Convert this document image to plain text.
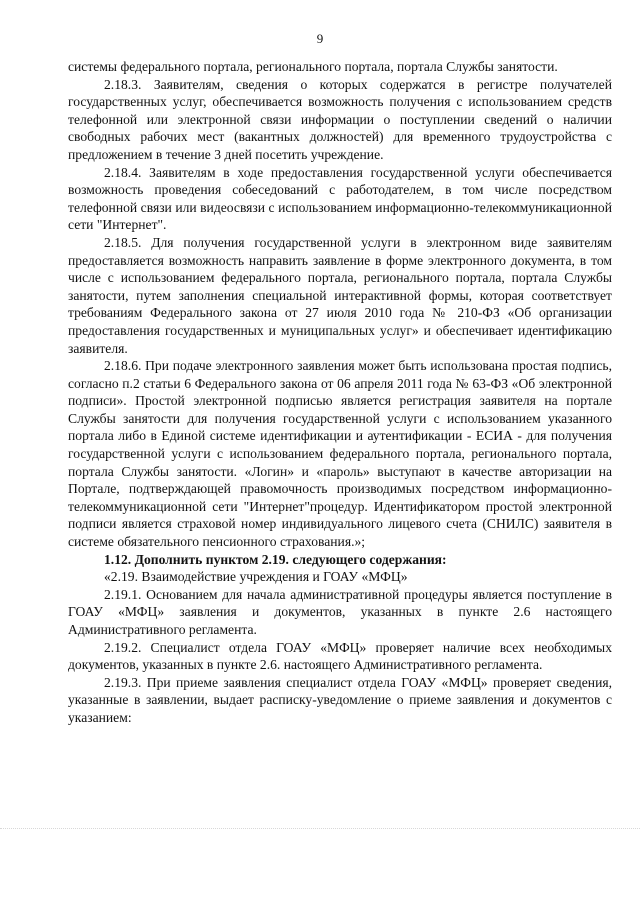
9

системы федерального портала, регионального портала, портала Службы занятости.

2.18.3. Заявителям, сведения о которых содержатся в регистре получателей государственных услуг, обеспечивается возможность получения с использованием средств телефонной или электронной связи информации о поступлении сведений о наличии свободных рабочих мест (вакантных должностей) для временного трудоустройства с предложением в течение 3 дней посетить учреждение.

2.18.4. Заявителям в ходе предоставления государственной услуги обеспечивается возможность проведения собеседований с работодателем, в том числе посредством телефонной связи или видеосвязи с использованием информационно-телекоммуникационной сети "Интернет".

2.18.5. Для получения государственной услуги в электронном виде заявителям предоставляется возможность направить заявление в форме электронного документа, в том числе с использованием федерального портала, регионального портала, портала Службы занятости, путем заполнения специальной интерактивной формы, которая соответствует требованиям Федерального закона от 27 июля 2010 года № 210-ФЗ «Об организации предоставления государственных и муниципальных услуг» и обеспечивает идентификацию заявителя.

2.18.6. При подаче электронного заявления может быть использована простая подпись, согласно п.2 статьи 6 Федерального закона от 06 апреля 2011 года № 63-ФЗ «Об электронной подписи». Простой электронной подписью является регистрация заявителя на портале Службы занятости для получения государственной услуги с использованием указанного портала либо в Единой системе идентификации и аутентификации - ЕСИА - для получения государственной услуги с использованием федерального портала, регионального портала, портала Службы занятости. «Логин» и «пароль» выступают в качестве авторизации на Портале, подтверждающей правомочность производимых посредством информационно-телекоммуникационной сети "Интернет"процедур. Идентификатором простой электронной подписи является страховой номер индивидуального лицевого счета (СНИЛС) заявителя в системе обязательного пенсионного страхования.»;

1.12. Дополнить пунктом 2.19. следующего содержания:

«2.19. Взаимодействие учреждения и ГОАУ «МФЦ»

2.19.1. Основанием для начала административной процедуры является поступление в ГОАУ «МФЦ» заявления и документов, указанных в пункте 2.6 настоящего Административного регламента.

2.19.2. Специалист отдела ГОАУ «МФЦ» проверяет наличие всех необходимых документов, указанных в пункте 2.6. настоящего Административного регламента.

2.19.3. При приеме заявления специалист отдела ГОАУ «МФЦ» проверяет сведения, указанные в заявлении, выдает расписку-уведомление о приеме заявления и документов с указанием:
